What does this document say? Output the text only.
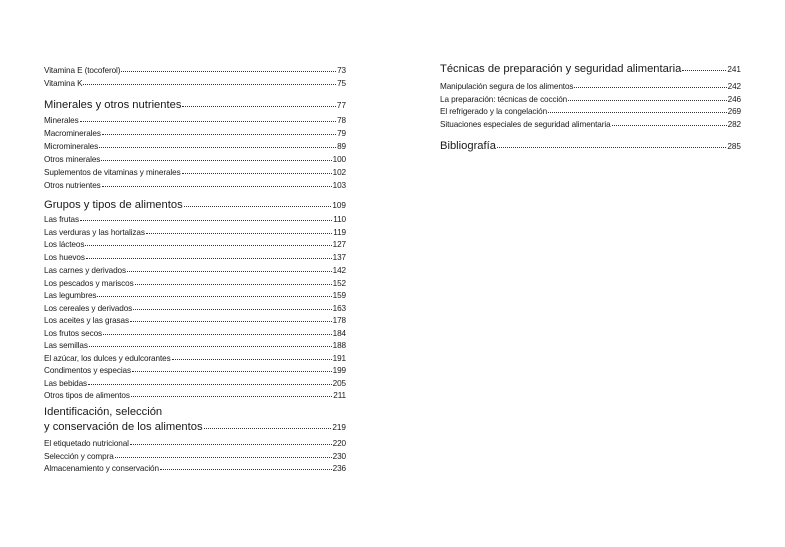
Vitamina E (tocoferol)	73
Vitamina K	75
Minerales y otros nutrientes	77
Minerales	78
Macrominerales	79
Microminerales	89
Otros minerales	100
Suplementos de vitaminas y minerales	102
Otros nutrientes	103
Grupos y tipos de alimentos	109
Las frutas	110
Las verduras y las hortalizas	119
Los lácteos	127
Los huevos	137
Las carnes y derivados	142
Los pescados y mariscos	152
Las legumbres	159
Los cereales y derivados	163
Los aceites y las grasas	178
Los frutos secos	184
Las semillas	188
El azúcar, los dulces y edulcorantes	191
Condimentos y especias	199
Las bebidas	205
Otros tipos de alimentos	211
Identificación, selección
y conservación de los alimentos	219
El etiquetado nutricional	220
Selección y compra	230
Almacenamiento y conservación	236
Técnicas de preparación y seguridad alimentaria	241
Manipulación segura de los alimentos	242
La preparación: técnicas de cocción	246
El refrigerado y la congelación	269
Situaciones especiales de seguridad alimentaria	282
Bibliografía	285
